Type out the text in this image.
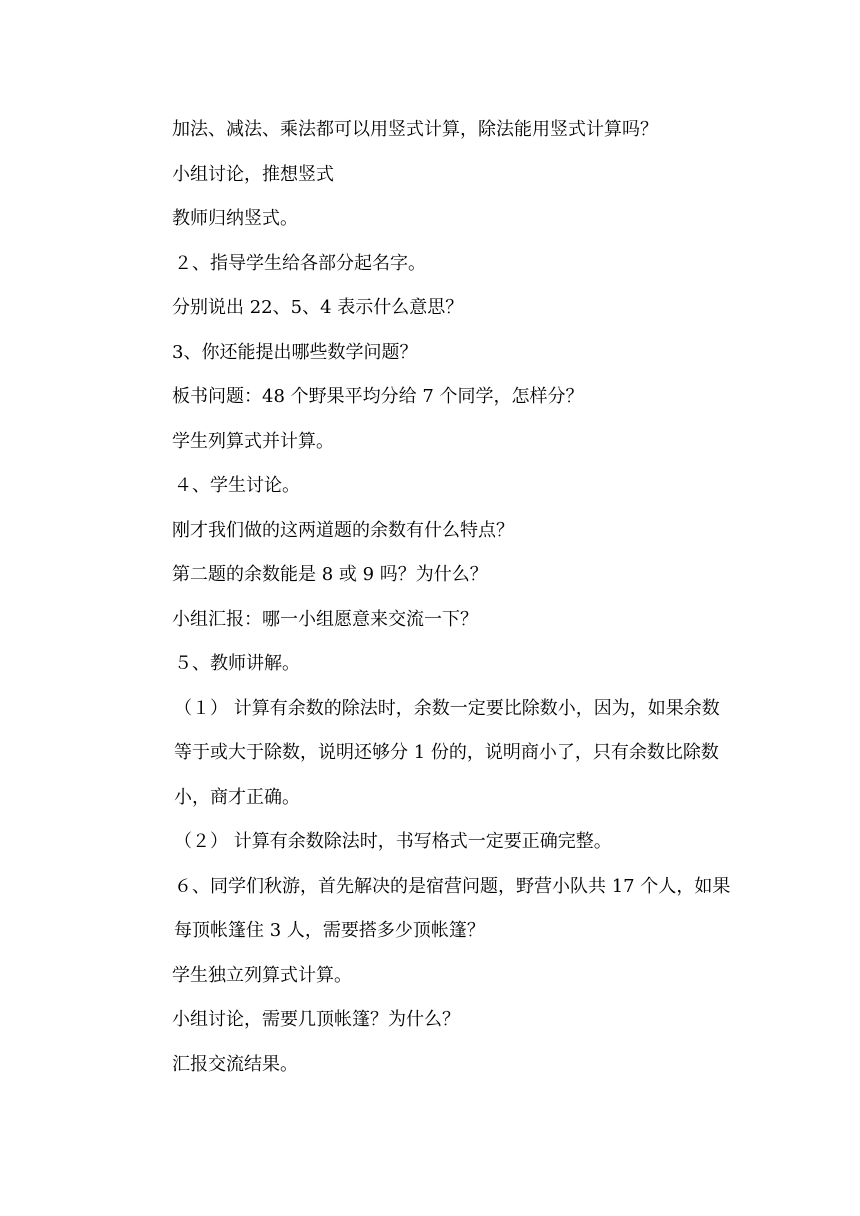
加法、减法、乘法都可以用竖式计算，除法能用竖式计算吗？

小组讨论，推想竖式

教师归纳竖式。

２、指导学生给各部分起名字。

分别说出 22、5、4 表示什么意思？

3、你还能提出哪些数学问题？

板书问题：48 个野果平均分给 7 个同学，怎样分？

学生列算式并计算。

４、学生讨论。

刚才我们做的这两道题的余数有什么特点？

第二题的余数能是 8 或 9 吗？为什么？

小组汇报：哪一小组愿意来交流一下？

５、教师讲解。

（１） 计算有余数的除法时，余数一定要比除数小，因为，如果余数等于或大于除数，说明还够分 1 份的，说明商小了，只有余数比除数小，商才正确。

（２） 计算有余数除法时，书写格式一定要正确完整。

６、同学们秋游，首先解决的是宿营问题，野营小队共 17 个人，如果每顶帐篷住 3 人，需要搭多少顶帐篷？

学生独立列算式计算。

小组讨论，需要几顶帐篷？为什么？

汇报交流结果。
